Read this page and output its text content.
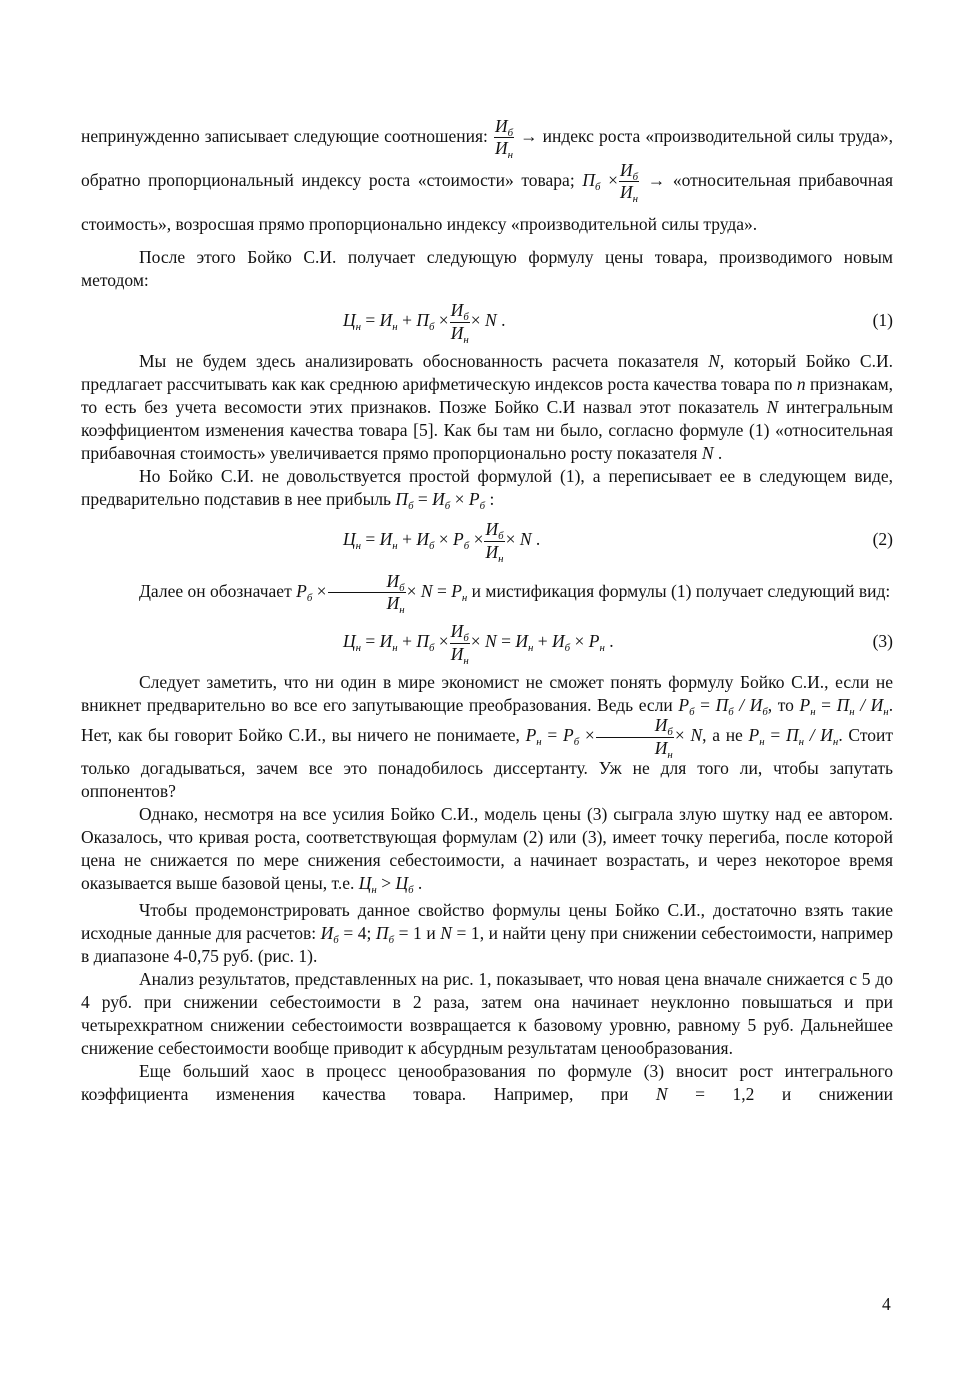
непринужденно записывает следующие соотношения: $\frac{И_б}{И_н}$ → индекс роста «производительной силы труда», обратно пропорциональный индексу роста «стоимости» товара; $П_б \times \frac{И_б}{И_н}$ → «относительная прибавочная стоимость», возросшая прямо пропорционально индексу «производительной силы труда».

После этого Бойко С.И. получает следующую формулу цены товара, производимого новым методом:

$Ц_н = И_н + П_б \times \frac{И_б}{И_н} \times N$ .	(1)

Мы не будем здесь анализировать обоснованность расчета показателя N, который Бойко С.И. предлагает рассчитывать как как среднюю арифметическую индексов роста качества товара по n признакам, то есть без учета весомости этих признаков. Позже Бойко С.И назвал этот показатель N интегральным коэффициентом изменения качества товара [5]. Как бы там ни было, согласно формуле (1) «относительная прибавочная стоимость» увеличивается прямо пропорционально росту показателя N .

Но Бойко С.И. не довольствуется простой формулой (1), а переписывает ее в следующем виде, предварительно подставив в нее прибыль $П_б = И_б \times Р_б$ :

$Ц_н = И_н + И_б \times Р_б \times \frac{И_б}{И_н} \times N$ .	(2)

Далее он обозначает $Р_б \times \frac{И_б}{И_н} \times N = Р_н$ и мистификация формулы (1) получает следующий вид:

$Ц_н = И_н + П_б \times \frac{И_б}{И_н} \times N = И_н + И_б \times Р_н$ .	(3)

Следует заметить, что ни один в мире экономист не сможет понять формулу Бойко С.И., если не вникнет предварительно во все его запутывающие преобразования. Ведь если $Р_б = П_б / И_б$, то $Р_н = П_н / И_н$. Нет, как бы говорит Бойко С.И., вы ничего не понимаете, $Р_н = Р_б \times \frac{И_б}{И_н} \times N$, а не $Р_н = П_н / И_н$. Стоит только догадываться, зачем все это понадобилось диссертанту. Уж не для того ли, чтобы запутать оппонентов?

Однако, несмотря на все усилия Бойко С.И., модель цены (3) сыграла злую шутку над ее автором. Оказалось, что кривая роста, соответствующая формулам (2) или (3), имеет точку перегиба, после которой цена не снижается по мере снижения себестоимости, а начинает возрастать, и через некоторое время оказывается выше базовой цены, т.е. $Ц_н > Ц_б$ .

Чтобы продемонстрировать данное свойство формулы цены Бойко С.И., достаточно взять такие исходные данные для расчетов: $И_б = 4$; $П_б = 1$ и N = 1, и найти цену при снижении себестоимости, например в диапазоне 4-0,75 руб. (рис. 1).

Анализ результатов, представленных на рис. 1, показывает, что новая цена вначале снижается с 5 до 4 руб. при снижении себестоимости в 2 раза, затем она начинает неуклонно повышаться и при четырехкратном снижении себестоимости возвращается к базовому уровню, равному 5 руб. Дальнейшее снижение себестоимости вообще приводит к абсурдным результатам ценообразования.

Еще больший хаос в процесс ценообразования по формуле (3) вносит рост интегрального коэффициента изменения качества товара. Например, при N = 1,2 и снижении

4
